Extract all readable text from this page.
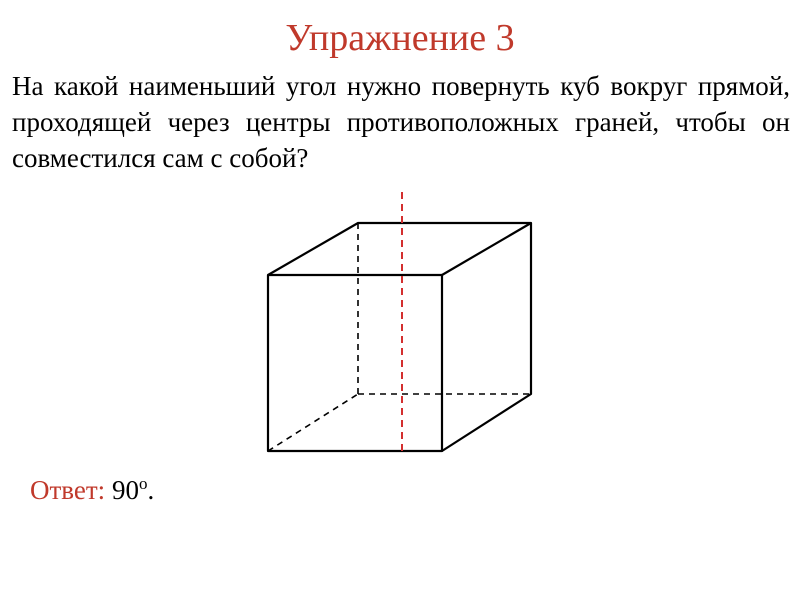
Упражнение 3
На какой наименьший угол нужно повернуть куб вокруг прямой, проходящей через центры противоположных граней, чтобы он совместился сам с собой?
Ответ: 90$^o$.
